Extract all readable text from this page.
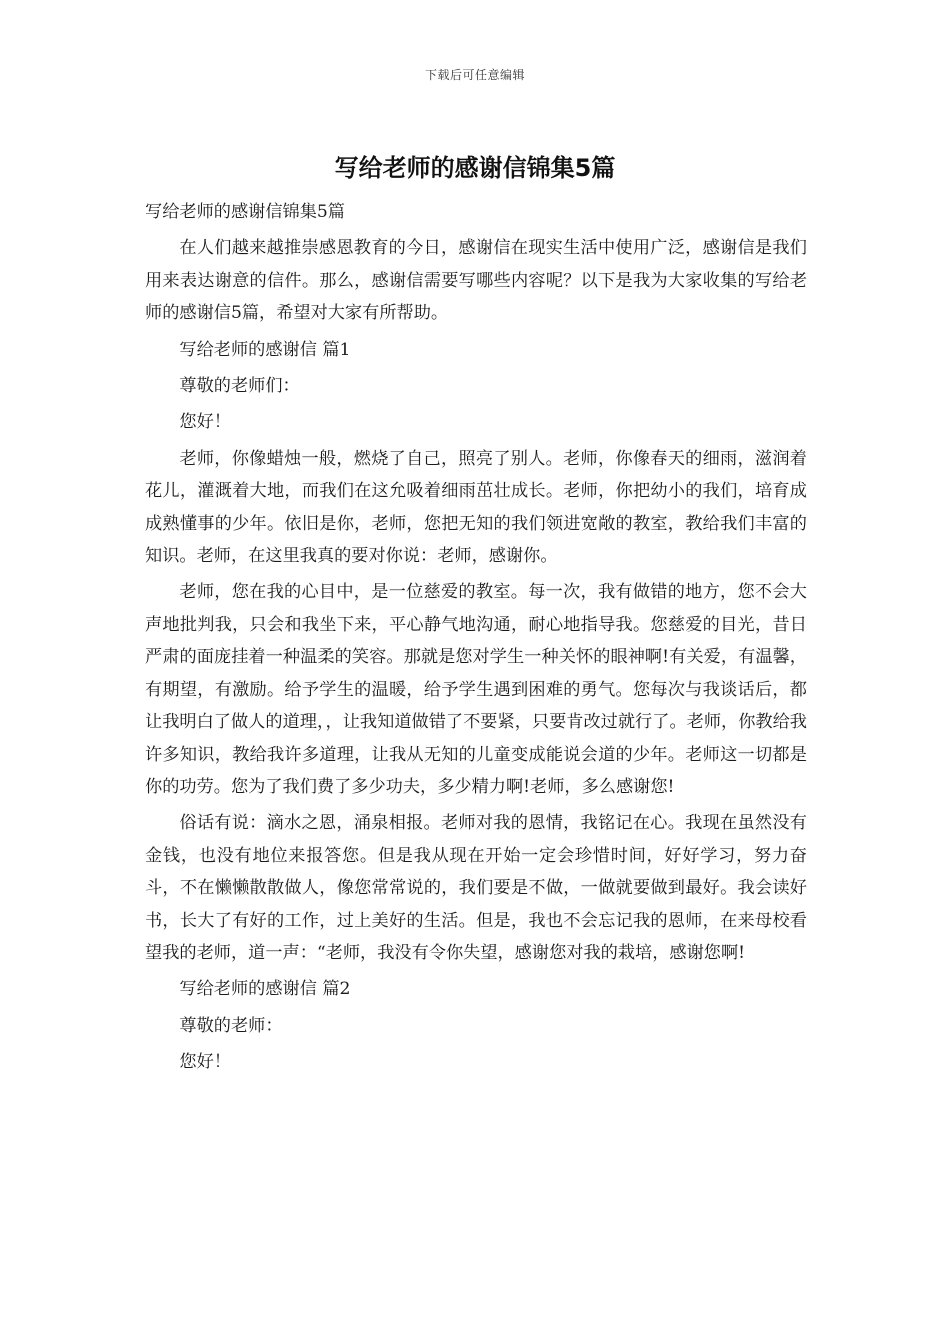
下载后可任意编辑
写给老师的感谢信锦集5篇

写给老师的感谢信锦集5篇

在人们越来越推崇感恩教育的今日，感谢信在现实生活中使用广泛，感谢信是我们用来表达谢意的信件。那么，感谢信需要写哪些内容呢？以下是我为大家收集的写给老师的感谢信5篇，希望对大家有所帮助。

写给老师的感谢信 篇1

尊敬的老师们：

您好！

老师，你像蜡烛一般，燃烧了自己，照亮了别人。老师，你像春天的细雨，滋润着花儿，灌溉着大地，而我们在这允吸着细雨茁壮成长。老师，你把幼小的我们，培育成成熟懂事的少年。依旧是你，老师，您把无知的我们领进宽敞的教室，教给我们丰富的知识。老师，在这里我真的要对你说：老师，感谢你。

老师，您在我的心目中，是一位慈爱的教室。每一次，我有做错的地方，您不会大声地批判我，只会和我坐下来，平心静气地沟通，耐心地指导我。您慈爱的目光，昔日严肃的面庞挂着一种温柔的笑容。那就是您对学生一种关怀的眼神啊!有关爱，有温馨，有期望，有激励。给予学生的温暖，给予学生遇到困难的勇气。您每次与我谈话后，都让我明白了做人的道理，，让我知道做错了不要紧，只要肯改过就行了。老师，你教给我许多知识，教给我许多道理，让我从无知的儿童变成能说会道的少年。老师这一切都是你的功劳。您为了我们费了多少功夫，多少精力啊!老师，多么感谢您!

俗话有说：滴水之恩，涌泉相报。老师对我的恩情，我铭记在心。我现在虽然没有金钱，也没有地位来报答您。但是我从现在开始一定会珍惜时间，好好学习，努力奋斗，不在懒懒散散做人，像您常常说的，我们要是不做，一做就要做到最好。我会读好书，长大了有好的工作，过上美好的生活。但是，我也不会忘记我的恩师，在来母校看望我的老师，道一声：“老师，我没有令你失望，感谢您对我的栽培，感谢您啊!

写给老师的感谢信 篇2

尊敬的老师：

您好！
